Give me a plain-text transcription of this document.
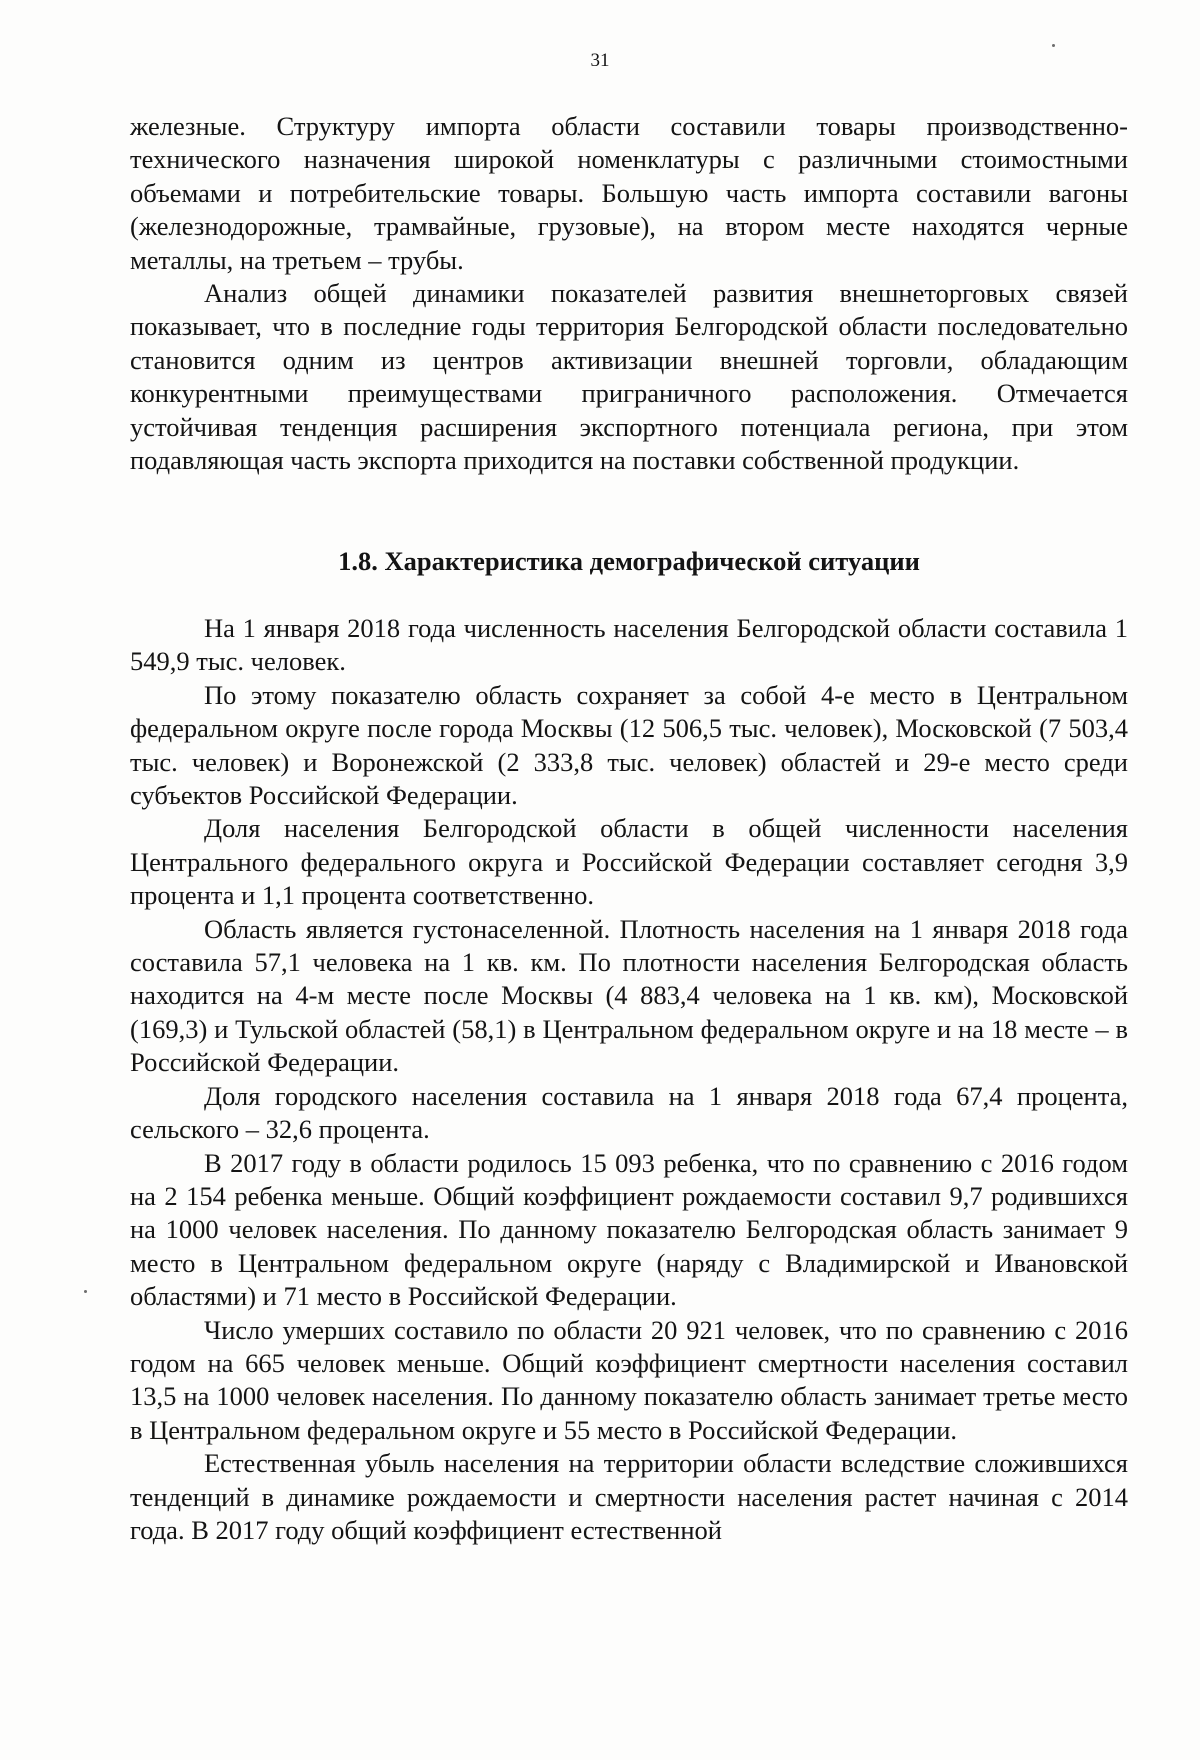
31

железные. Структуру импорта области составили товары производственно-технического назначения широкой номенклатуры с различными стоимостными объемами и потребительские товары. Большую часть импорта составили вагоны (железнодорожные, трамвайные, грузовые), на втором месте находятся черные металлы, на третьем – трубы.

Анализ общей динамики показателей развития внешнеторговых связей показывает, что в последние годы территория Белгородской области последовательно становится одним из центров активизации внешней торговли, обладающим конкурентными преимуществами приграничного расположения. Отмечается устойчивая тенденция расширения экспортного потенциала региона, при этом подавляющая часть экспорта приходится на поставки собственной продукции.

1.8. Характеристика демографической ситуации

На 1 января 2018 года численность населения Белгородской области составила 1 549,9 тыс. человек.

По этому показателю область сохраняет за собой 4-е место в Центральном федеральном округе после города Москвы (12 506,5 тыс. человек), Московской (7 503,4 тыс. человек) и Воронежской (2 333,8 тыс. человек) областей и 29-е место среди субъектов Российской Федерации.

Доля населения Белгородской области в общей численности населения Центрального федерального округа и Российской Федерации составляет сегодня 3,9 процента и 1,1 процента соответственно.

Область является густонаселенной. Плотность населения на 1 января 2018 года составила 57,1 человека на 1 кв. км. По плотности населения Белгородская область находится на 4-м месте после Москвы (4 883,4 человека на 1 кв. км), Московской (169,3) и Тульской областей (58,1) в Центральном федеральном округе и на 18 месте – в Российской Федерации.

Доля городского населения составила на 1 января 2018 года 67,4 процента, сельского – 32,6 процента.

В 2017 году в области родилось 15 093 ребенка, что по сравнению с 2016 годом на 2 154 ребенка меньше. Общий коэффициент рождаемости составил 9,7 родившихся на 1000 человек населения. По данному показателю Белгородская область занимает 9 место в Центральном федеральном округе (наряду с Владимирской и Ивановской областями) и 71 место в Российской Федерации.

Число умерших составило по области 20 921 человек, что по сравнению с 2016 годом на 665 человек меньше. Общий коэффициент смертности населения составил 13,5 на 1000 человек населения. По данному показателю область занимает третье место в Центральном федеральном округе и 55 место в Российской Федерации.

Естественная убыль населения на территории области вследствие сложившихся тенденций в динамике рождаемости и смертности населения растет начиная с 2014 года. В 2017 году общий коэффициент естественной
